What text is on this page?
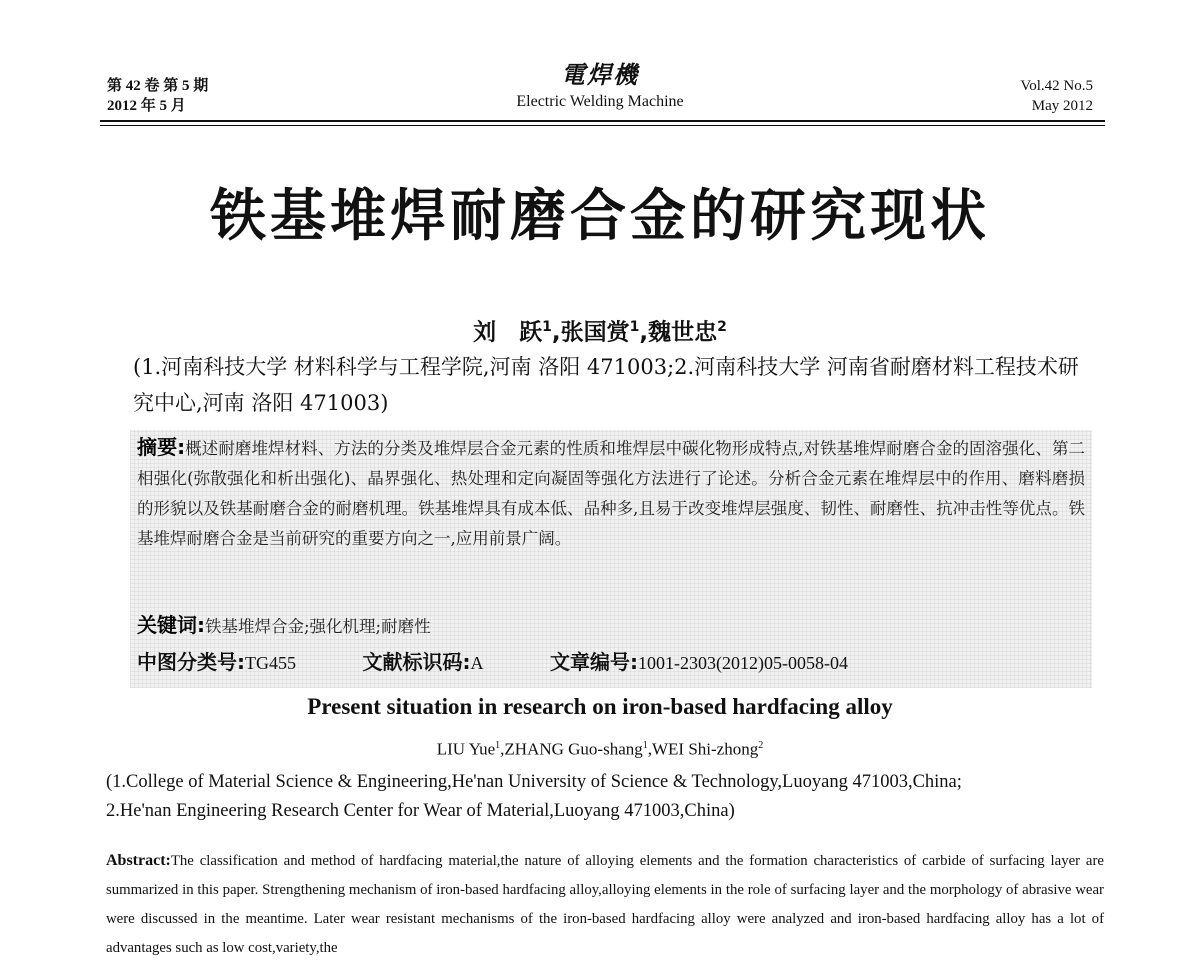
第 42 卷 第 5 期
2012 年 5 月
電焊機
Electric Welding Machine
Vol.42 No.5
May 2012
铁基堆焊耐磨合金的研究现状
刘　跃$^1$,张国赏$^1$,魏世忠$^2$
(1.河南科技大学 材料科学与工程学院,河南 洛阳 471003;2.河南科技大学 河南省耐磨材料工程技术研究中心,河南 洛阳 471003)
摘要:概述耐磨堆焊材料、方法的分类及堆焊层合金元素的性质和堆焊层中碳化物形成特点,对铁基堆焊耐磨合金的固溶强化、第二相强化(弥散强化和析出强化)、晶界强化、热处理和定向凝固等强化方法进行了论述。分析合金元素在堆焊层中的作用、磨料磨损的形貌以及铁基耐磨合金的耐磨机理。铁基堆焊具有成本低、品种多,且易于改变堆焊层强度、韧性、耐磨性、抗冲击性等优点。铁基堆焊耐磨合金是当前研究的重要方向之一,应用前景广阔。
关键词:铁基堆焊合金;强化机理;耐磨性
中图分类号:TG455	文献标识码:A	文章编号:1001-2303(2012)05-0058-04
Present situation in research on iron-based hardfacing alloy
LIU Yue$^1$,ZHANG Guo-shang$^1$,WEI Shi-zhong$^2$
(1.College of Material Science & Engineering,He'nan University of Science & Technology,Luoyang 471003,China;
2.He'nan Engineering Research Center for Wear of Material,Luoyang 471003,China)
Abstract:The classification and method of hardfacing material,the nature of alloying elements and the formation characteristics of carbide of surfacing layer are summarized in this paper. Strengthening mechanism of iron-based hardfacing alloy,alloying elements in the role of surfacing layer and the morphology of abrasive wear were discussed in the meantime. Later wear resistant mechanisms of the iron-based hardfacing alloy were analyzed and iron-based hardfacing alloy has a lot of advantages such as low cost,variety,the
